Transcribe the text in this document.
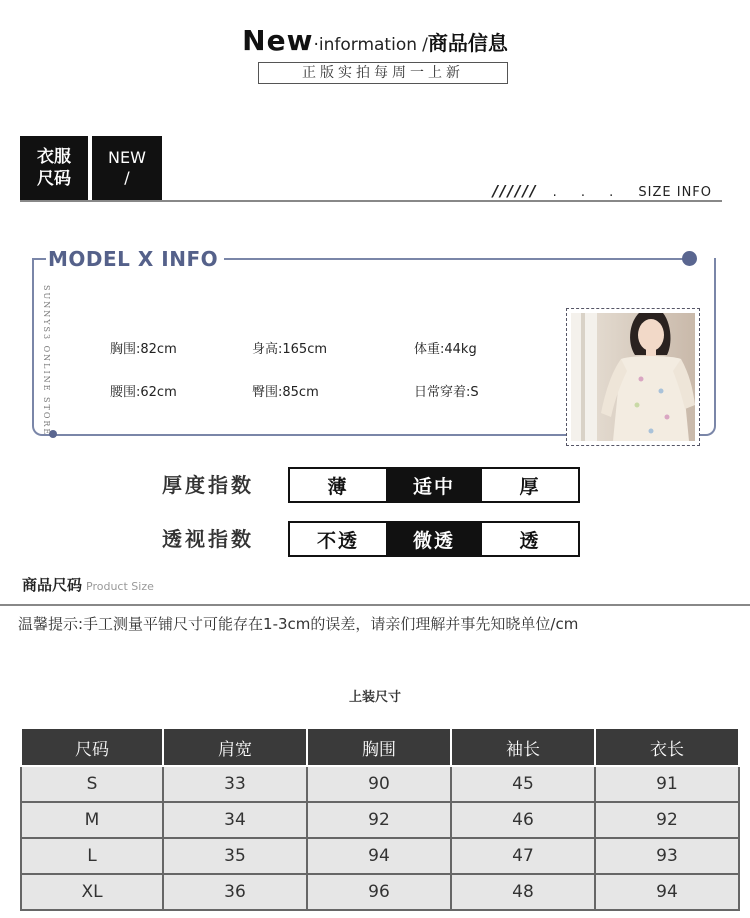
New·information /商品信息
正版实拍每周一上新
衣服
尺码
NEW
/
////// . . . SIZE INFO
MODEL X INFO
SUNNYS3 ONLINE STORE	胸围:82cm	身高:165cm	体重:44kg
腰围:62cm	臀围:85cm	日常穿着:S
厚度指数	薄	适中	厚
透视指数	不透	微透	透
商品尺码 Product Size
温馨提示:手工测量平铺尺寸可能存在1-3cm的误差，请亲们理解并事先知晓单位/cm
上装尺寸
尺码	肩宽	胸围	袖长	衣长
S	33	90	45	91
M	34	92	46	92
L	35	94	47	93
XL	36	96	48	94
